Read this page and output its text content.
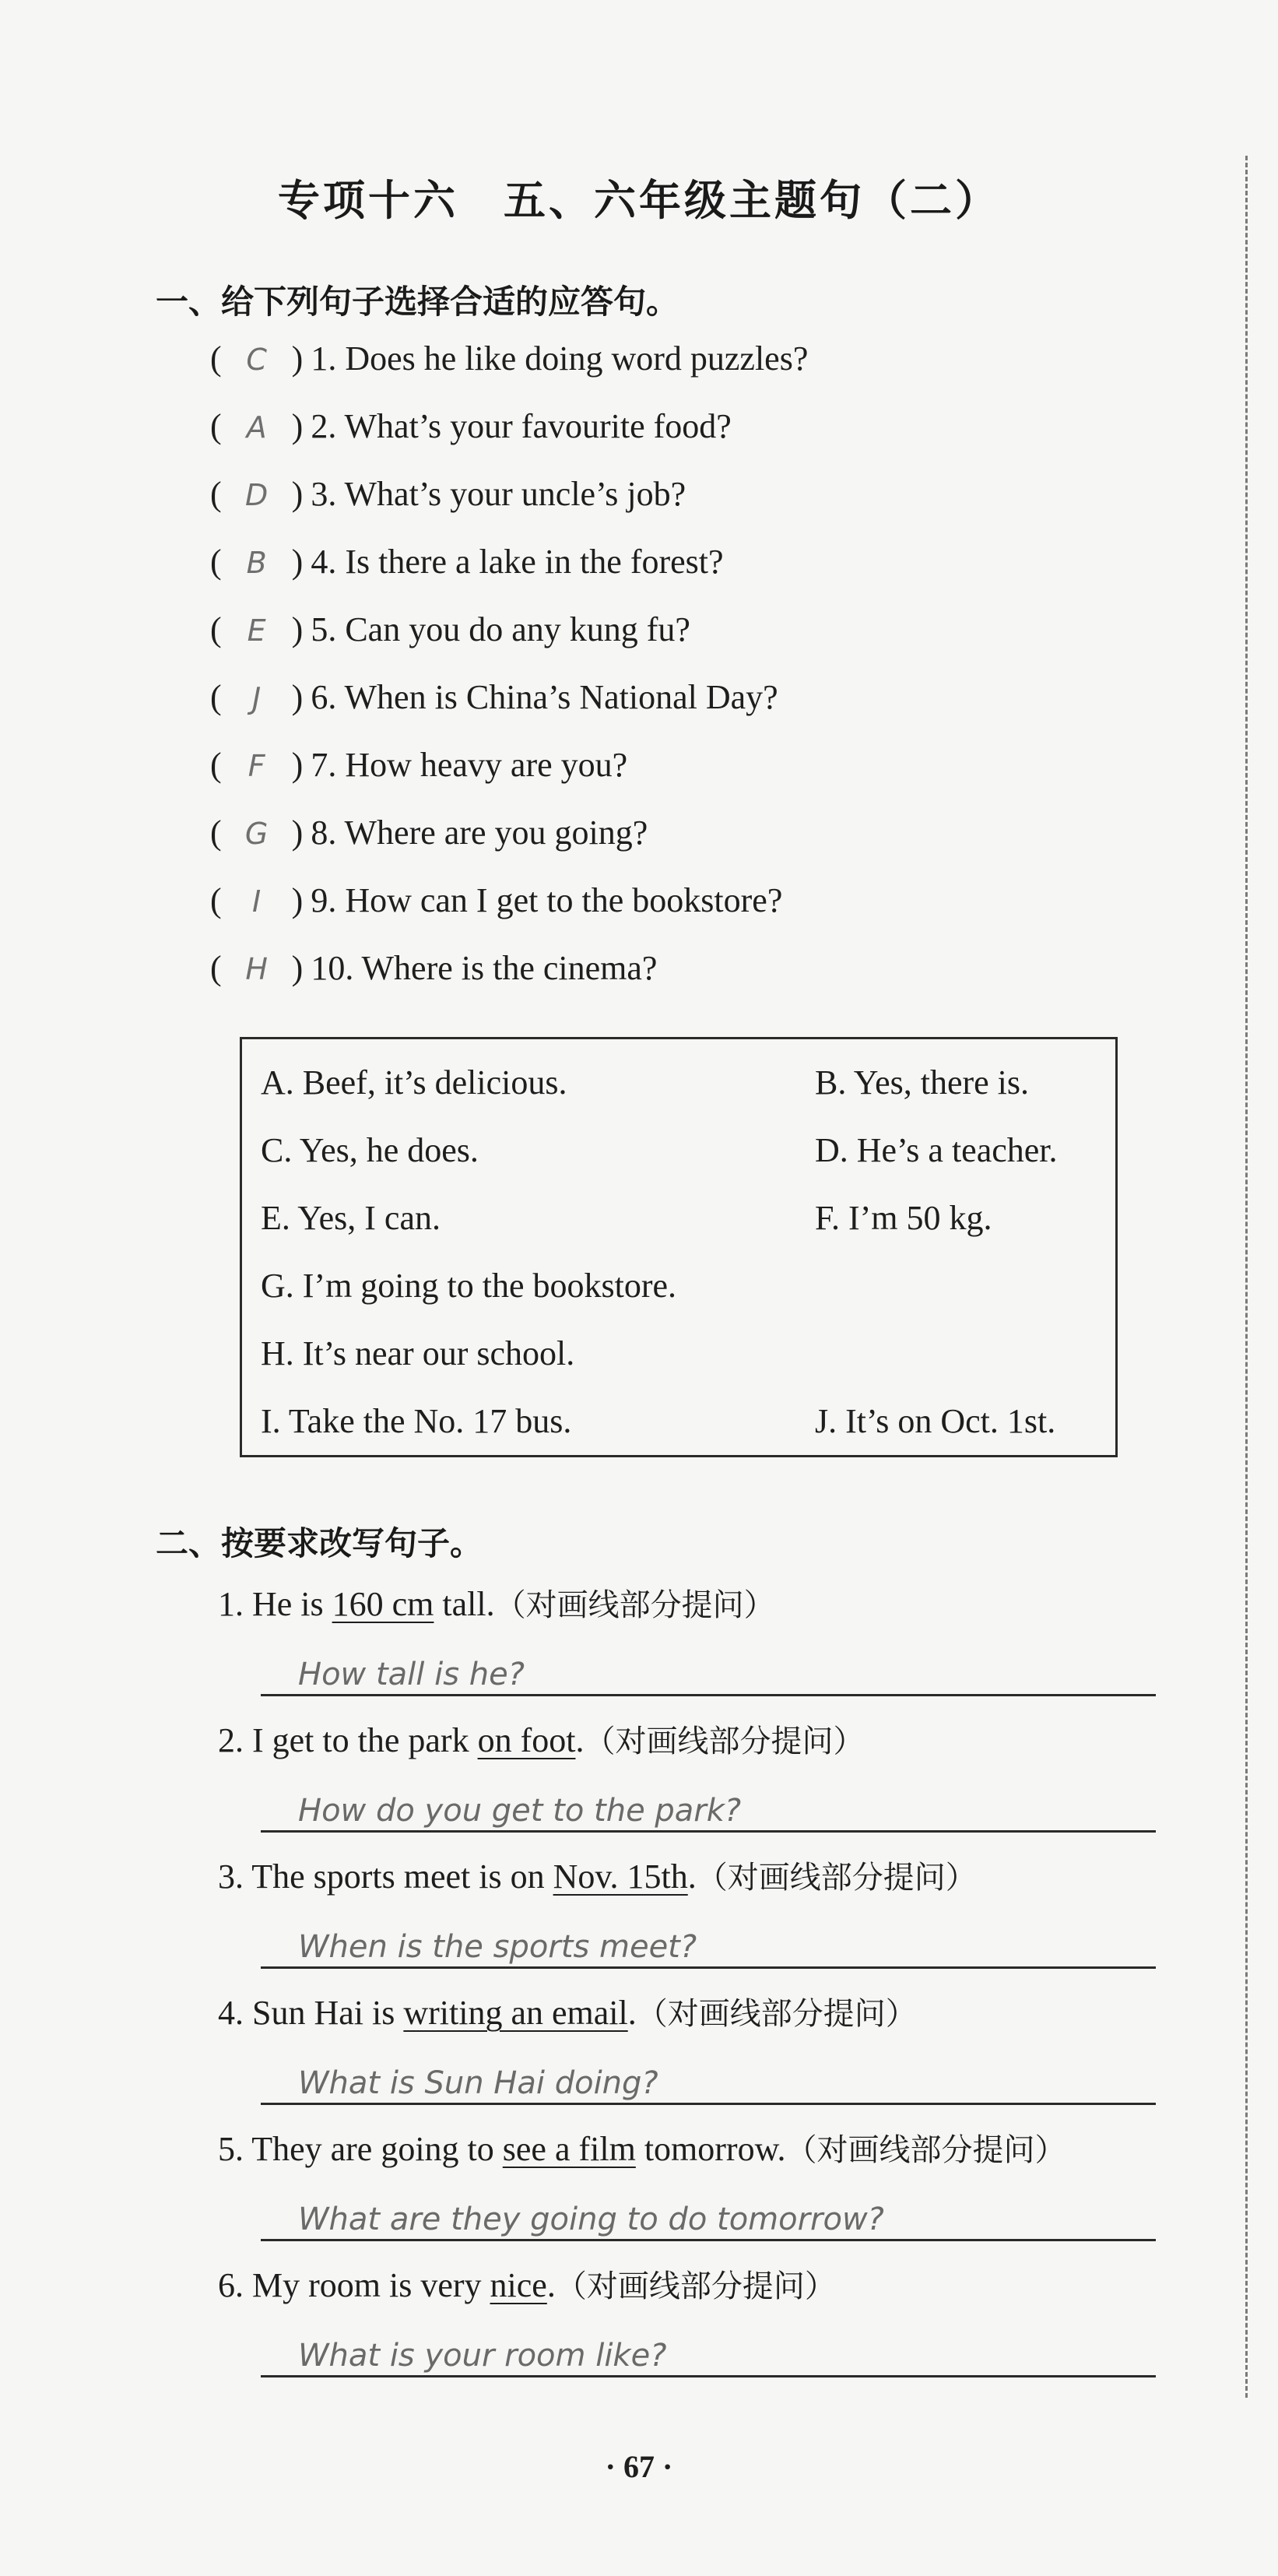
专项十六　五、六年级主题句（二）
一、给下列句子选择合适的应答句。
( C ) 1. Does he like doing word puzzles?
( A ) 2. What’s your favourite food?
( D ) 3. What’s your uncle’s job?
( B ) 4. Is there a lake in the forest?
( E ) 5. Can you do any kung fu?
(	J ) 6. When is China’s National Day?
( F ) 7. How heavy are you?
( G ) 8. Where are you going?
(	I ) 9. How can I get to the bookstore?
( H ) 10. Where is the cinema?
A. Beef, it’s delicious.	B. Yes, there is.
C. Yes, he does.	D. He’s a teacher.
E. Yes, I can.	F. I’m 50 kg.
G. I’m going to the bookstore.
H. It’s near our school.
I. Take the No. 17 bus.	J. It’s on Oct. 1st.
二、按要求改写句子。
1. He is 160 cm tall.（对画线部分提问）
How tall is he?
2. I get to the park on foot.（对画线部分提问）
How do you get to the park?
3. The sports meet is on Nov. 15th.（对画线部分提问）
When is the sports meet?
4. Sun Hai is writing an email.（对画线部分提问）
What is Sun Hai doing?
5. They are going to see a film tomorrow.（对画线部分提问）
What are they going to do tomorrow?
6. My room is very nice.（对画线部分提问）
What is your room like?
· 67 ·
